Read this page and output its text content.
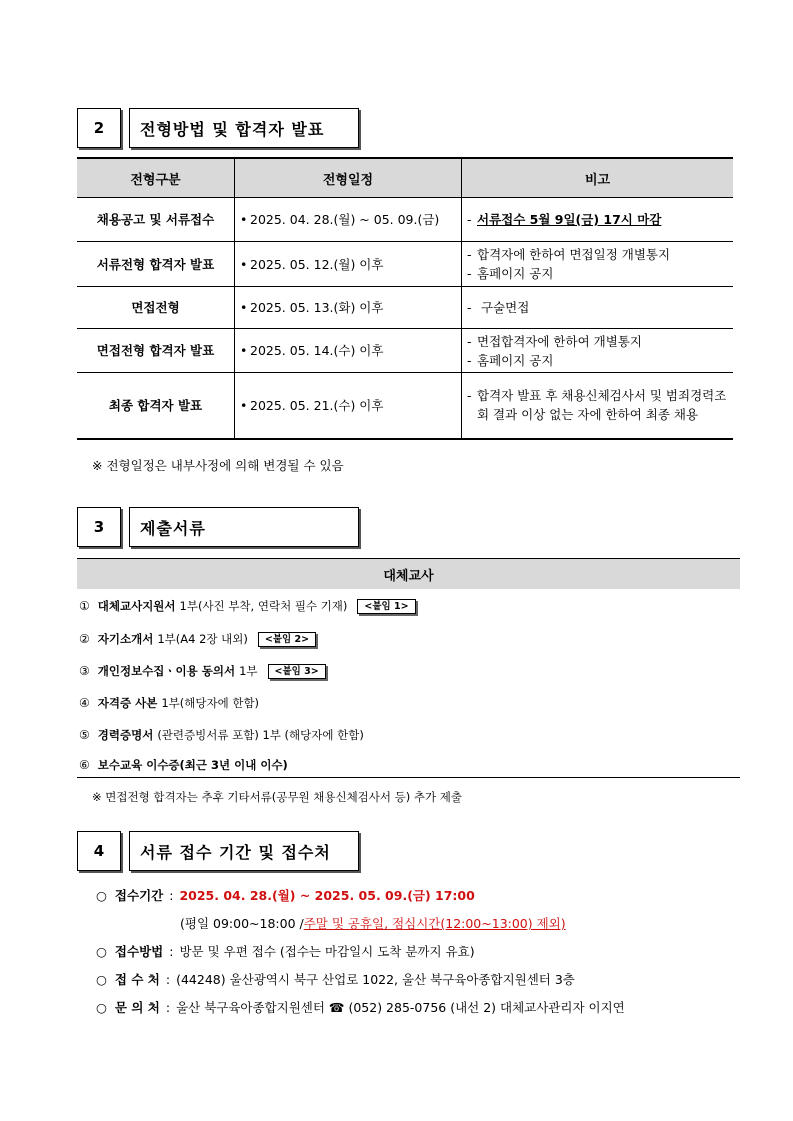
2	전형방법 및 합격자 발표
전형구분	전형일정	비고
채용공고 및 서류접수	• 2025. 04. 28.(월) ~ 05. 09.(금)	- 서류접수 5월 9일(금) 17시 마감
서류전형 합격자 발표	• 2025. 05. 12.(월) 이후	- 합격자에 한하여 면접일정 개별통지
- 홈페이지 공지

면접전형	• 2025. 05. 13.(화) 이후	- 구술면접
면접전형 합격자 발표	• 2025. 05. 14.(수) 이후	- 면접합격자에 한하여 개별통지
- 홈페이지 공지

최종 합격자 발표	• 2025. 05. 21.(수) 이후	- 합격자 발표 후 채용신체검사서 및 범죄경력조회 결과 이상 없는 자에 한하여 최종 채용
※ 전형일정은 내부사정에 의해 변경될 수 있음
3	제출서류
대체교사
① 대체교사지원서 1부(사진 부착, 연락처 필수 기재)	<붙임 1>
② 자기소개서 1부(A4 2장 내외)	<붙임 2>
③ 개인정보수집ㆍ이용 동의서 1부	<붙임 3>
④ 자격증 사본 1부(해당자에 한함)
⑤ 경력증명서 (관련증빙서류 포함) 1부 (해당자에 한함)
⑥ 보수교육 이수증(최근 3년 이내 이수)
※ 면접전형 합격자는 추후 기타서류(공무원 채용신체검사서 등) 추가 제출
4	서류 접수 기간 및 접수처
○ 접수기간 : 2025. 04. 28.(월) ~ 2025. 05. 09.(금) 17:00
(평일 09:00~18:00 / 주말 및 공휴일, 점심시간(12:00~13:00) 제외)
○ 접수방법 : 방문 및 우편 접수 (접수는 마감일시 도착 분까지 유효)
○ 접 수 처 : (44248) 울산광역시 북구 산업로 1022, 울산 북구육아종합지원센터 3층
○ 문 의 처 : 울산 북구육아종합지원센터 ☎ (052) 285-0756 (내선 2) 대체교사관리자 이지연
